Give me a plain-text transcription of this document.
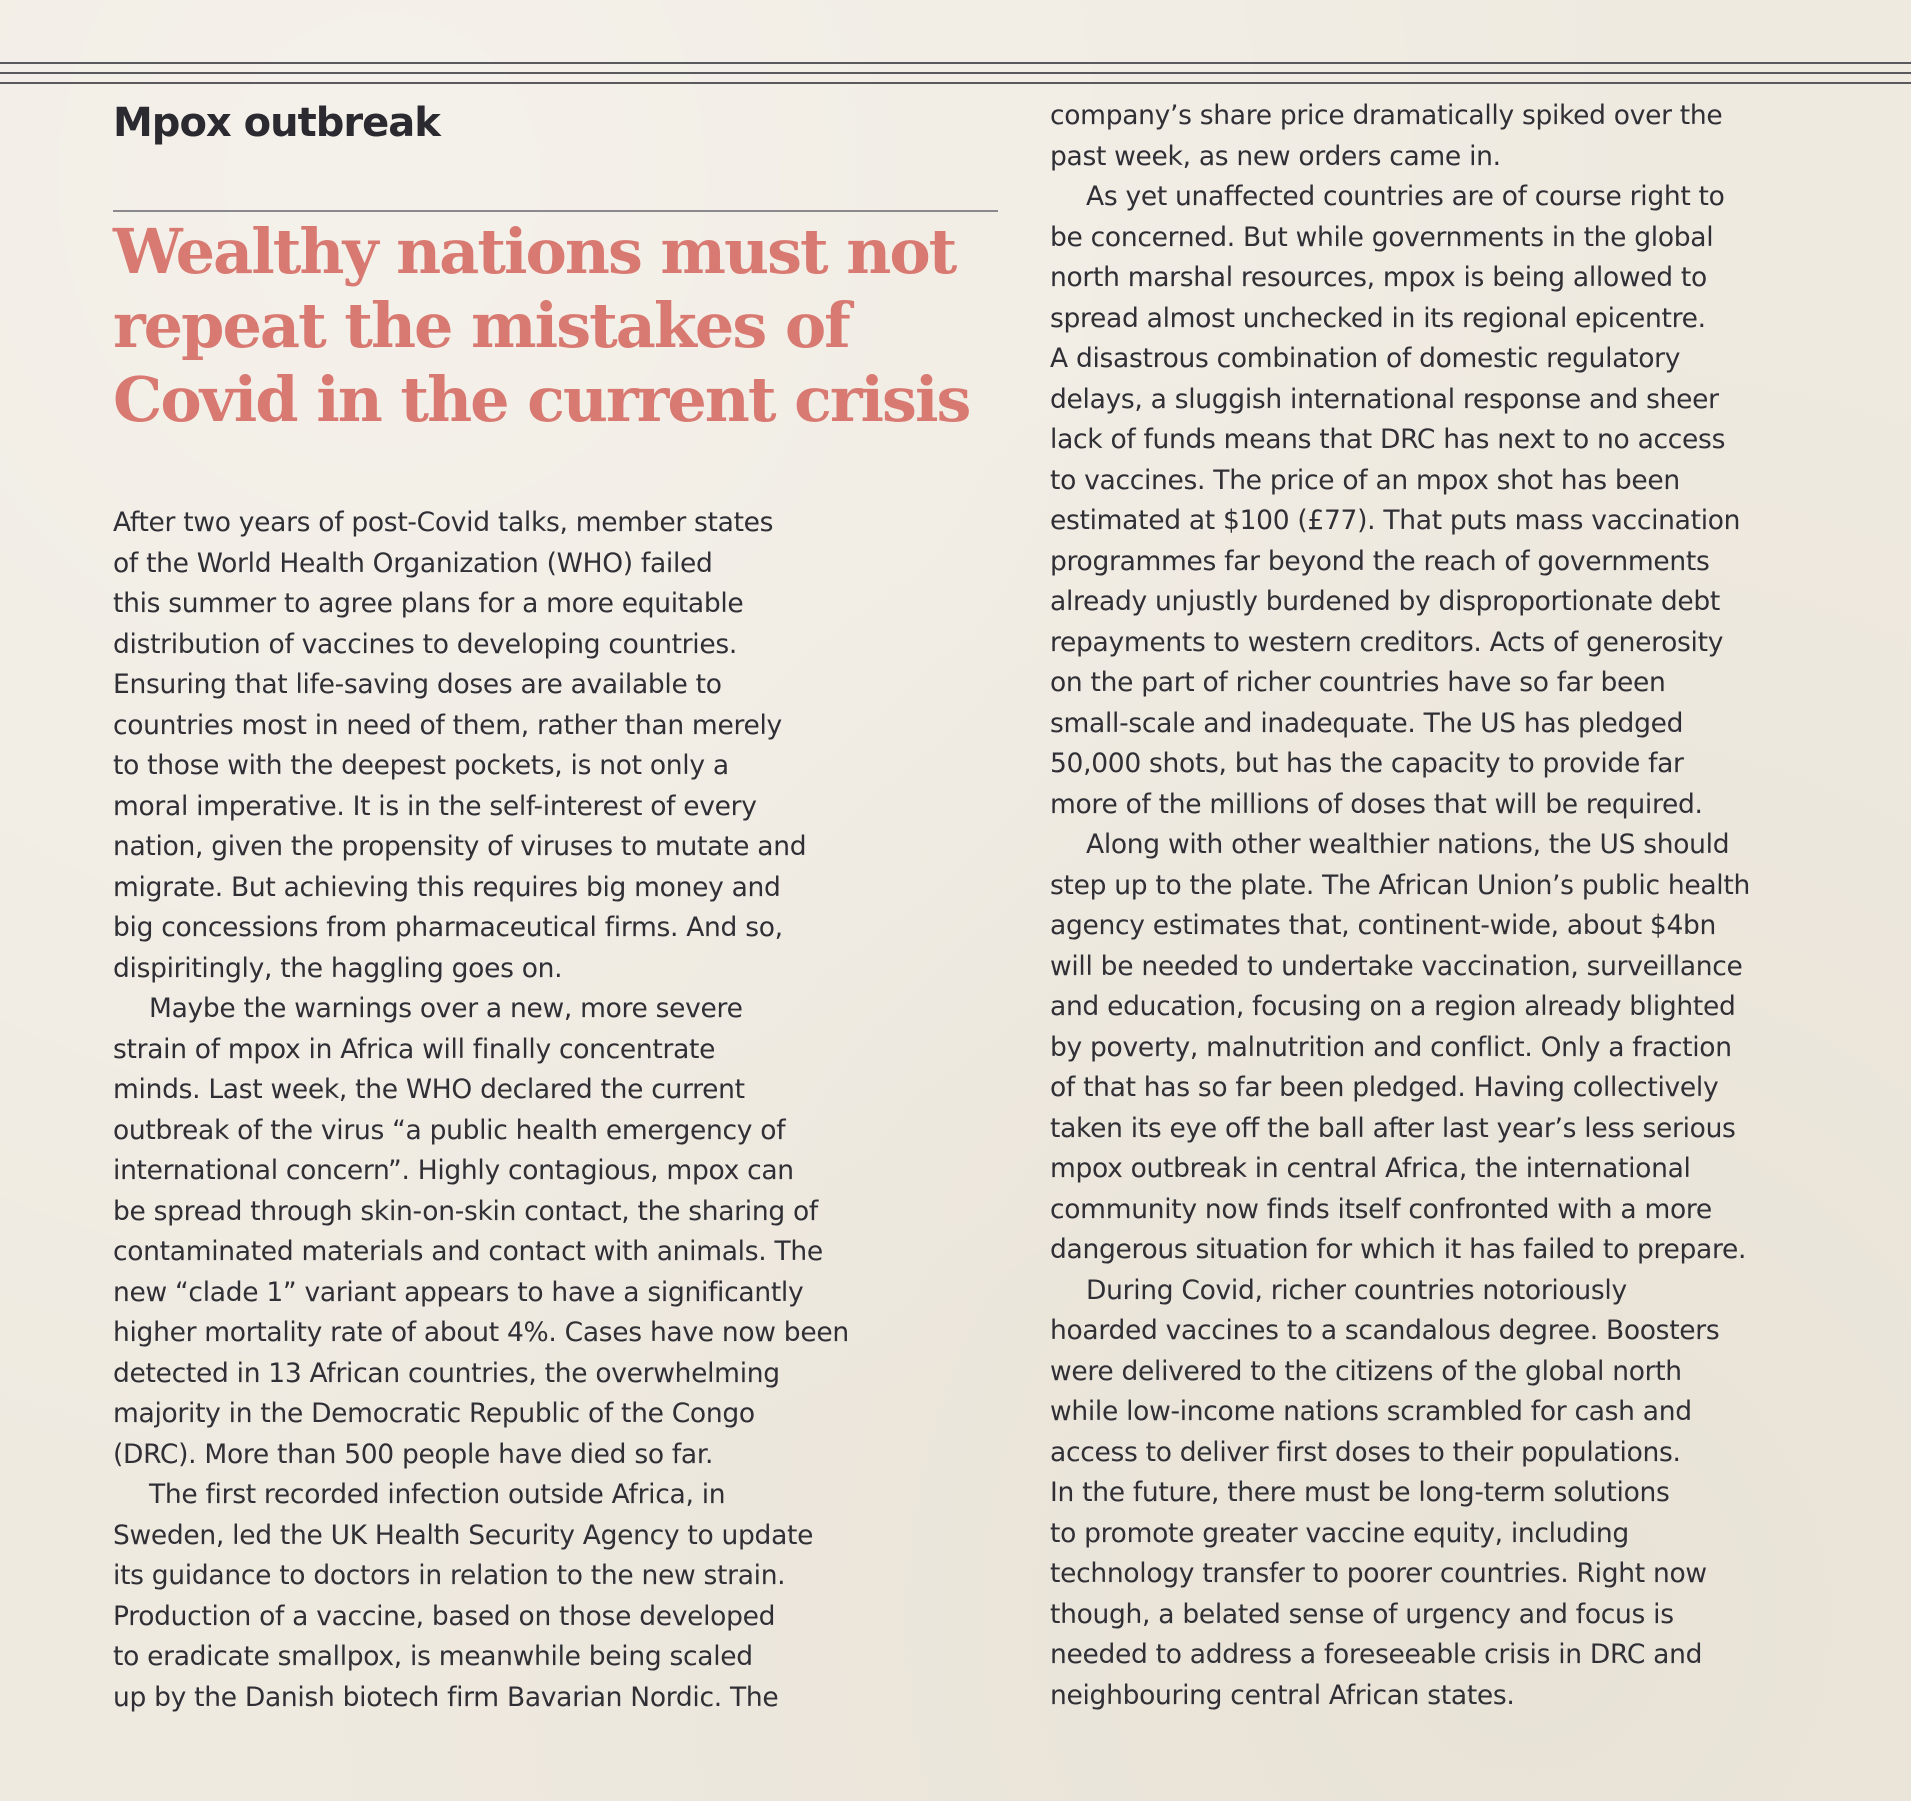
Mpox outbreak
Wealthy nations must not repeat the mistakes of Covid in the current crisis

After two years of post-Covid talks, member states
of the World Health Organization (WHO) failed
this summer to agree plans for a more equitable
distribution of vaccines to developing countries.
Ensuring that life-saving doses are available to
countries most in need of them, rather than merely
to those with the deepest pockets, is not only a
moral imperative. It is in the self-interest of every
nation, given the propensity of viruses to mutate and
migrate. But achieving this requires big money and
big concessions from pharmaceutical firms. And so,
dispiritingly, the haggling goes on.

Maybe the warnings over a new, more severe
strain of mpox in Africa will finally concentrate
minds. Last week, the WHO declared the current
outbreak of the virus “a public health emergency of
international concern”. Highly contagious, mpox can
be spread through skin-on-skin contact, the sharing of
contaminated materials and contact with animals. The
new “clade 1” variant appears to have a significantly
higher mortality rate of about 4%. Cases have now been
detected in 13 African countries, the overwhelming
majority in the Democratic Republic of the Congo
(DRC). More than 500 people have died so far.

The first recorded infection outside Africa, in
Sweden, led the UK Health Security Agency to update
its guidance to doctors in relation to the new strain.
Production of a vaccine, based on those developed
to eradicate smallpox, is meanwhile being scaled
up by the Danish biotech firm Bavarian Nordic. The

company’s share price dramatically spiked over the
past week, as new orders came in.

As yet unaffected countries are of course right to
be concerned. But while governments in the global
north marshal resources, mpox is being allowed to
spread almost unchecked in its regional epicentre.
A disastrous combination of domestic regulatory
delays, a sluggish international response and sheer
lack of funds means that DRC has next to no access
to vaccines. The price of an mpox shot has been
estimated at $100 (£77). That puts mass vaccination
programmes far beyond the reach of governments
already unjustly burdened by disproportionate debt
repayments to western creditors. Acts of generosity
on the part of richer countries have so far been
small-scale and inadequate. The US has pledged
50,000 shots, but has the capacity to provide far
more of the millions of doses that will be required.

Along with other wealthier nations, the US should
step up to the plate. The African Union’s public health
agency estimates that, continent-wide, about $4bn
will be needed to undertake vaccination, surveillance
and education, focusing on a region already blighted
by poverty, malnutrition and conflict. Only a fraction
of that has so far been pledged. Having collectively
taken its eye off the ball after last year’s less serious
mpox outbreak in central Africa, the international
community now finds itself confronted with a more
dangerous situation for which it has failed to prepare.

During Covid, richer countries notoriously
hoarded vaccines to a scandalous degree. Boosters
were delivered to the citizens of the global north
while low-income nations scrambled for cash and
access to deliver first doses to their populations.
In the future, there must be long-term solutions
to promote greater vaccine equity, including
technology transfer to poorer countries. Right now
though, a belated sense of urgency and focus is
needed to address a foreseeable crisis in DRC and
neighbouring central African states.
